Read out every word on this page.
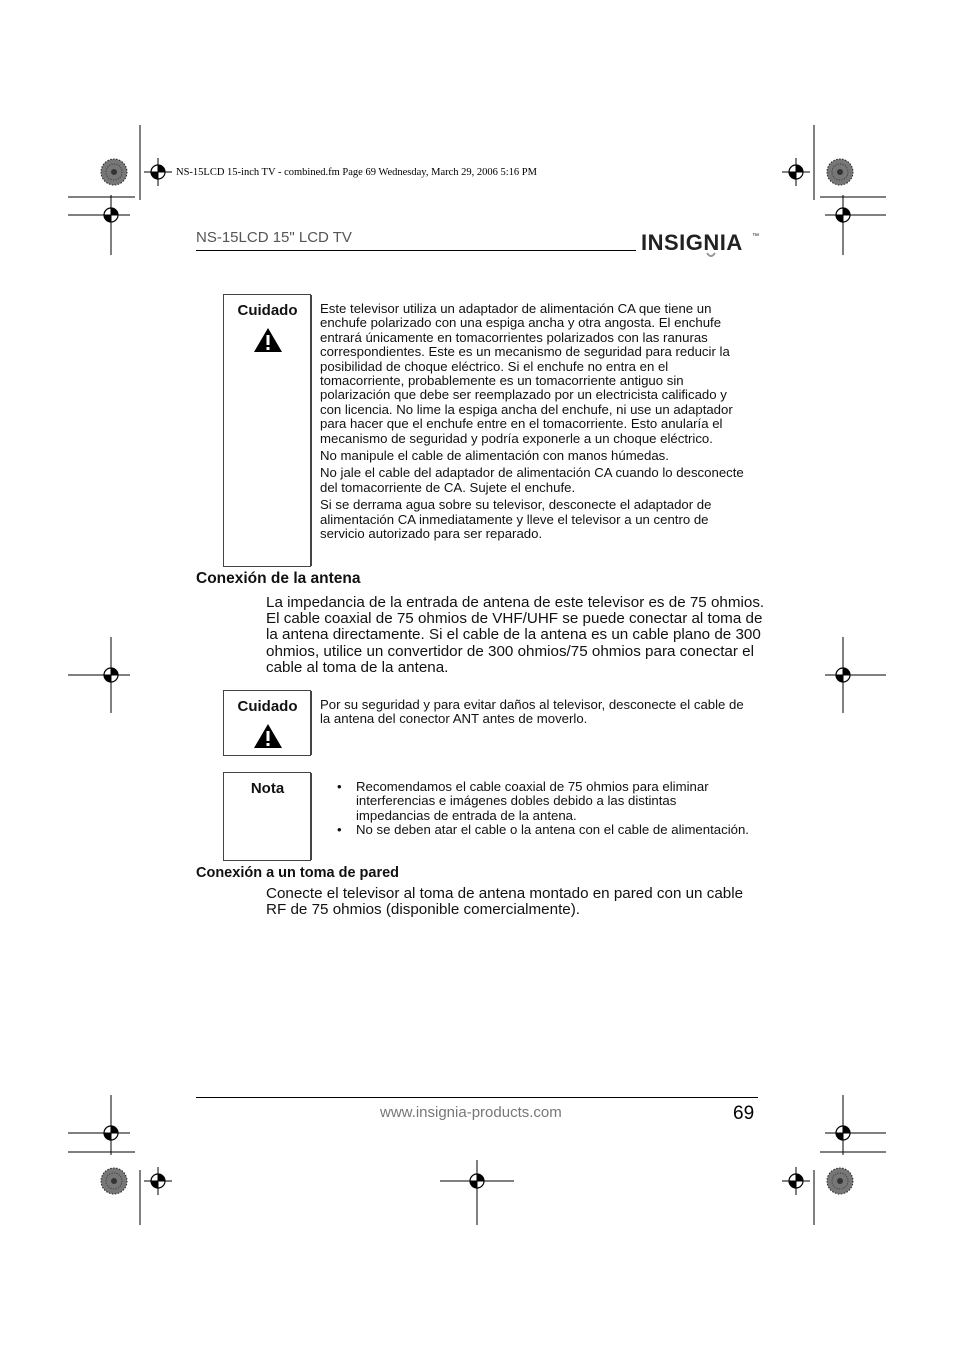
NS-15LCD 15-inch TV - combined.fm Page 69 Wednesday, March 29, 2006 5:16 PM
NS-15LCD 15" LCD TV	INSIGNIA ™
Cuidado	Este televisor utiliza un adaptador de alimentación CA que tiene un enchufe polarizado con una espiga ancha y otra angosta. El enchufe entrará únicamente en tomacorrientes polarizados con las ranuras correspondientes. Este es un mecanismo de seguridad para reducir la posibilidad de choque eléctrico. Si el enchufe no entra en el tomacorriente, probablemente es un tomacorriente antiguo sin polarización que debe ser reemplazado por un electricista calificado y con licencia. No lime la espiga ancha del enchufe, ni use un adaptador para hacer que el enchufe entre en el tomacorriente. Esto anularía el mecanismo de seguridad y podría exponerle a un choque eléctrico.

No manipule el cable de alimentación con manos húmedas.

No jale el cable del adaptador de alimentación CA cuando lo desconecte del tomacorriente de CA. Sujete el enchufe.

Si se derrama agua sobre su televisor, desconecte el adaptador de alimentación CA inmediatamente y lleve el televisor a un centro de servicio autorizado para ser reparado.

Conexión de la antena
La impedancia de la entrada de antena de este televisor es de 75 ohmios. El cable coaxial de 75 ohmios de VHF/UHF se puede conectar al toma de la antena directamente. Si el cable de la antena es un cable plano de 300 ohmios, utilice un convertidor de 300 ohmios/75 ohmios para conectar el cable al toma de la antena.
Cuidado	Por su seguridad y para evitar daños al televisor, desconecte el cable de la antena del conector ANT antes de moverlo.

Nota	• Recomendamos el cable coaxial de 75 ohmios para eliminar interferencias e imágenes dobles debido a las distintas impedancias de entrada de la antena.
• No se deben atar el cable o la antena con el cable de alimentación.
Conexión a un toma de pared
Conecte el televisor al toma de antena montado en pared con un cable RF de 75 ohmios (disponible comercialmente).
www.insignia-products.com	69
